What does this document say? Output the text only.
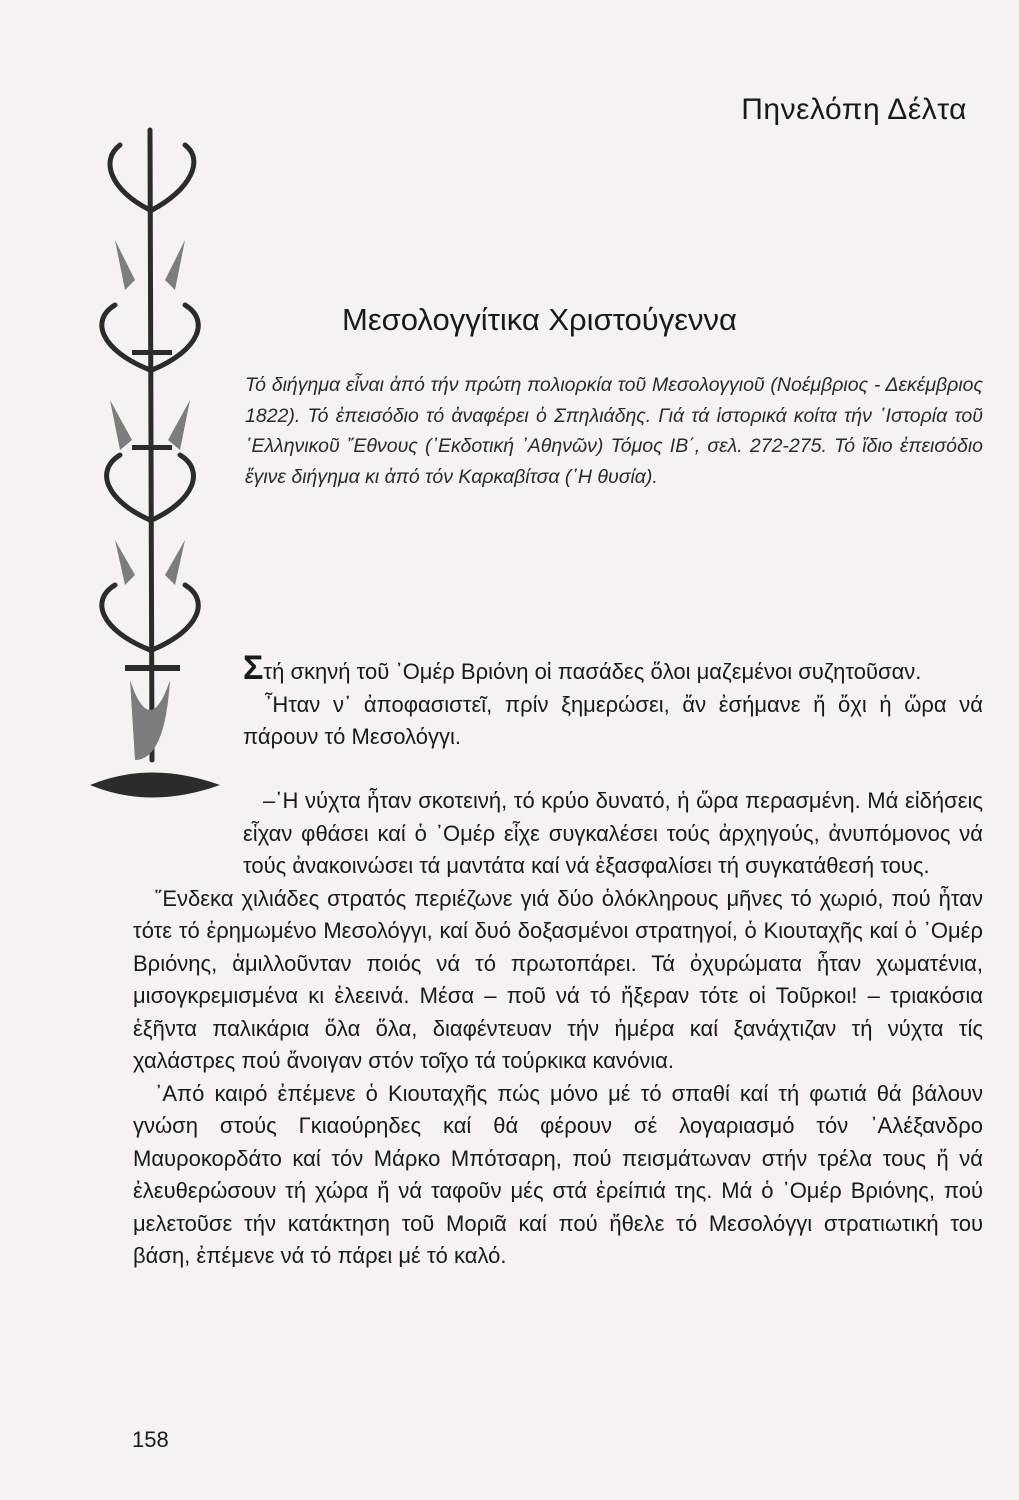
Πηνελόπη Δέλτα
Μεσολογγίτικα Χριστούγεννα

Τό διήγημα εἶναι ἀπό τήν πρώτη πολιορκία τοῦ Μεσολογγιοῦ (Νοέμβριος - Δεκέμβριος 1822). Τό ἐπεισόδιο τό ἀναφέρει ὁ Σπηλιάδης. Γιά τά ἱστορικά κοίτα τήν ῾Ιστορία τοῦ ῾Ελληνικοῦ ῎Εθνους (᾽Εκδοτική ᾽Αθηνῶν) Τόμος ΙΒ΄, σελ. 272-275. Τό ἴδιο ἐπεισόδιο ἔγινε διήγημα κι ἀπό τόν Καρκαβίτσα (῾Η θυσία).

Στή σκηνή τοῦ ᾽Ομέρ Βριόνη οἱ πασάδες ὅλοι μαζεμένοι συζητοῦσαν.

῏Ηταν ν᾽ ἀποφασιστεῖ, πρίν ξημερώσει, ἄν ἐσήμανε ἤ ὄχι ἡ ὥρα νά πάρουν τό Μεσολόγγι.

–῾Η νύχτα ἦταν σκοτεινή, τό κρύο δυνατό, ἡ ὥρα περασμένη. Μά εἰδήσεις εἶχαν φθάσει καί ὁ ᾽Ομέρ εἶχε συγκαλέσει τούς ἀρχηγούς, ἀνυπόμονος νά τούς ἀνακοινώσει τά μαντάτα καί νά ἐξασφαλίσει τή συγκατάθεσή τους.

῞Ενδεκα χιλιάδες στρατός περιέζωνε γιά δύο ὁλόκληρους μῆνες τό χωριό, πού ἦταν τότε τό ἐρημωμένο Μεσολόγγι, καί δυό δοξασμένοι στρατηγοί, ὁ Κιουταχῆς καί ὁ ᾽Ομέρ Βριόνης, ἁμιλλοῦνταν ποιός νά τό πρωτοπάρει. Τά ὀχυρώματα ἦταν χωματένια, μισογκρεμισμένα κι ἐλεεινά. Μέσα – ποῦ νά τό ἤξεραν τότε οἱ Τοῦρκοι! – τριακόσια ἑξῆντα παλικάρια ὅλα ὅλα, διαφέντευαν τήν ἡμέρα καί ξανάχτιζαν τή νύχτα τίς χαλάστρες πού ἄνοιγαν στόν τοῖχο τά τούρκικα κανόνια.

᾽Από καιρό ἐπέμενε ὁ Κιουταχῆς πώς μόνο μέ τό σπαθί καί τή φωτιά θά βάλουν γνώση στούς Γκιαούρηδες καί θά φέρουν σέ λογαριασμό τόν ᾽Αλέξανδρο Μαυροκορδάτο καί τόν Μάρκο Μπότσαρη, πού πεισμάτωναν στήν τρέλα τους ἤ νά ἐλευθερώσουν τή χώρα ἤ νά ταφοῦν μές στά ἐρείπιά της. Μά ὁ ᾽Ομέρ Βριόνης, πού μελετοῦσε τήν κατάκτηση τοῦ Μοριᾶ καί πού ἤθελε τό Μεσολόγγι στρατιωτική του βάση, ἐπέμενε νά τό πάρει μέ τό καλό.

158
